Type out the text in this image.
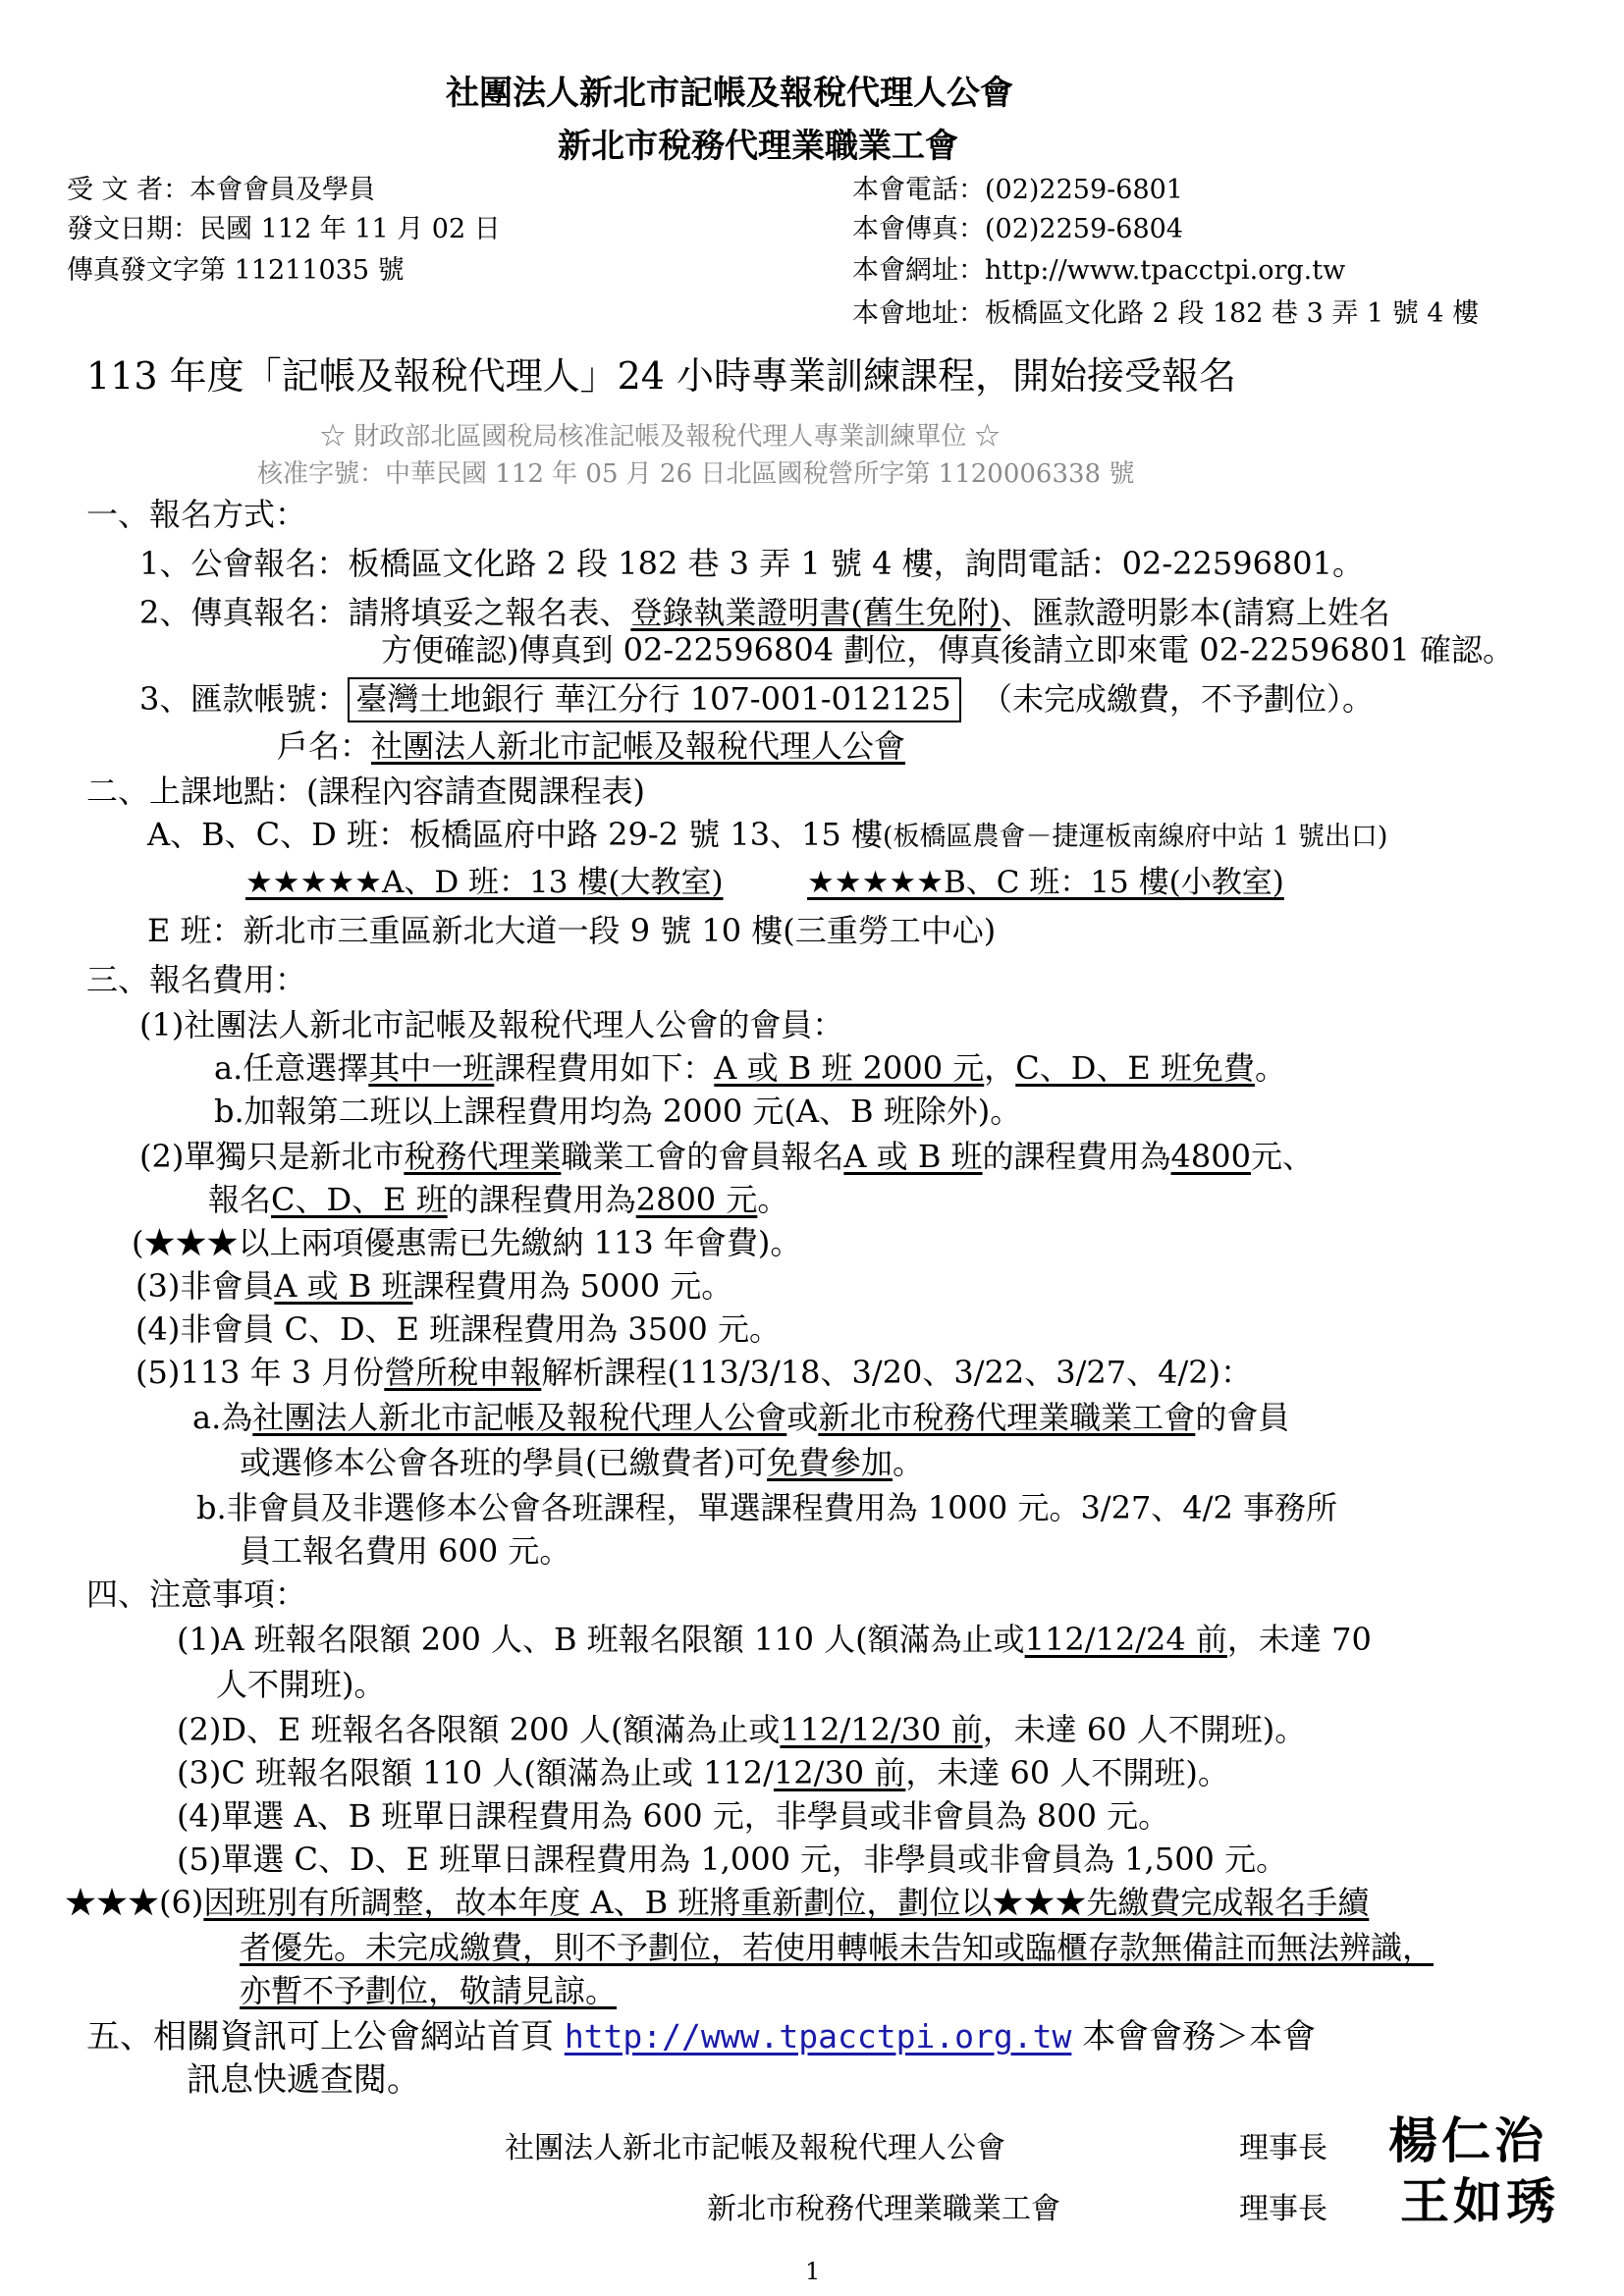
社團法人新北市記帳及報稅代理人公會
新北市稅務代理業職業工會
受 文 者：本會會員及學員
發文日期：民國 112 年 11 月 02 日
傳真發文字第 11211035 號
本會電話：(02)2259-6801
本會傳真：(02)2259-6804
本會網址：http://www.tpacctpi.org.tw
本會地址：板橋區文化路 2 段 182 巷 3 弄 1 號 4 樓
113 年度「記帳及報稅代理人」24 小時專業訓練課程，開始接受報名
☆ 財政部北區國稅局核准記帳及報稅代理人專業訓練單位 ☆
核准字號：中華民國 112 年 05 月 26 日北區國稅營所字第 1120006338 號
一、報名方式：
1、公會報名：板橋區文化路 2 段 182 巷 3 弄 1 號 4 樓，詢問電話：02-22596801。
2、傳真報名：請將填妥之報名表、登錄執業證明書(舊生免附)、匯款證明影本(請寫上姓名
方便確認)傳真到 02-22596804 劃位，傳真後請立即來電 02-22596801 確認。
3、匯款帳號： 臺灣土地銀行 華江分行 107-001-012125 （未完成繳費，不予劃位）。
戶名：社團法人新北市記帳及報稅代理人公會
二、上課地點：(課程內容請查閱課程表)
A、B、C、D 班：板橋區府中路 29-2 號 13、15 樓(板橋區農會－捷運板南線府中站 1 號出口)
★★★★★A、D 班：13 樓(大教室)	★★★★★B、C 班：15 樓(小教室)
E 班：新北市三重區新北大道一段 9 號 10 樓(三重勞工中心)
三、報名費用：
(1)社團法人新北市記帳及報稅代理人公會的會員：
a.任意選擇其中一班課程費用如下：A 或 B 班 2000 元，C、D、E 班免費。
b.加報第二班以上課程費用均為 2000 元(A、B 班除外)。
(2)單獨只是新北市稅務代理業職業工會的會員報名A 或 B 班的課程費用為4800元、
報名C、D、E 班的課程費用為2800 元。
(★★★以上兩項優惠需已先繳納 113 年會費)。
(3)非會員A 或 B 班課程費用為 5000 元。
(4)非會員 C、D、E 班課程費用為 3500 元。
(5)113 年 3 月份營所稅申報解析課程(113/3/18、3/20、3/22、3/27、4/2)：
a.為社團法人新北市記帳及報稅代理人公會或新北市稅務代理業職業工會的會員
或選修本公會各班的學員(已繳費者)可免費參加。
b.非會員及非選修本公會各班課程，單選課程費用為 1000 元。3/27、4/2 事務所
員工報名費用 600 元。
四、注意事項：
(1)A 班報名限額 200 人、B 班報名限額 110 人(額滿為止或112/12/24 前，未達 70
人不開班)。
(2)D、E 班報名各限額 200 人(額滿為止或112/12/30 前，未達 60 人不開班)。
(3)C 班報名限額 110 人(額滿為止或 112/12/30 前，未達 60 人不開班)。
(4)單選 A、B 班單日課程費用為 600 元，非學員或非會員為 800 元。
(5)單選 C、D、E 班單日課程費用為 1,000 元，非學員或非會員為 1,500 元。
★★★(6)因班別有所調整，故本年度 A、B 班將重新劃位，劃位以★★★先繳費完成報名手續
者優先。未完成繳費，則不予劃位，若使用轉帳未告知或臨櫃存款無備註而無法辨識，
亦暫不予劃位，敬請見諒。
五、相關資訊可上公會網站首頁 http://www.tpacctpi.org.tw 本會會務＞本會
訊息快遞查閱。
社團法人新北市記帳及報稅代理人公會	理事長 楊仁治
新北市稅務代理業職業工會	理事長 王如琇
1
